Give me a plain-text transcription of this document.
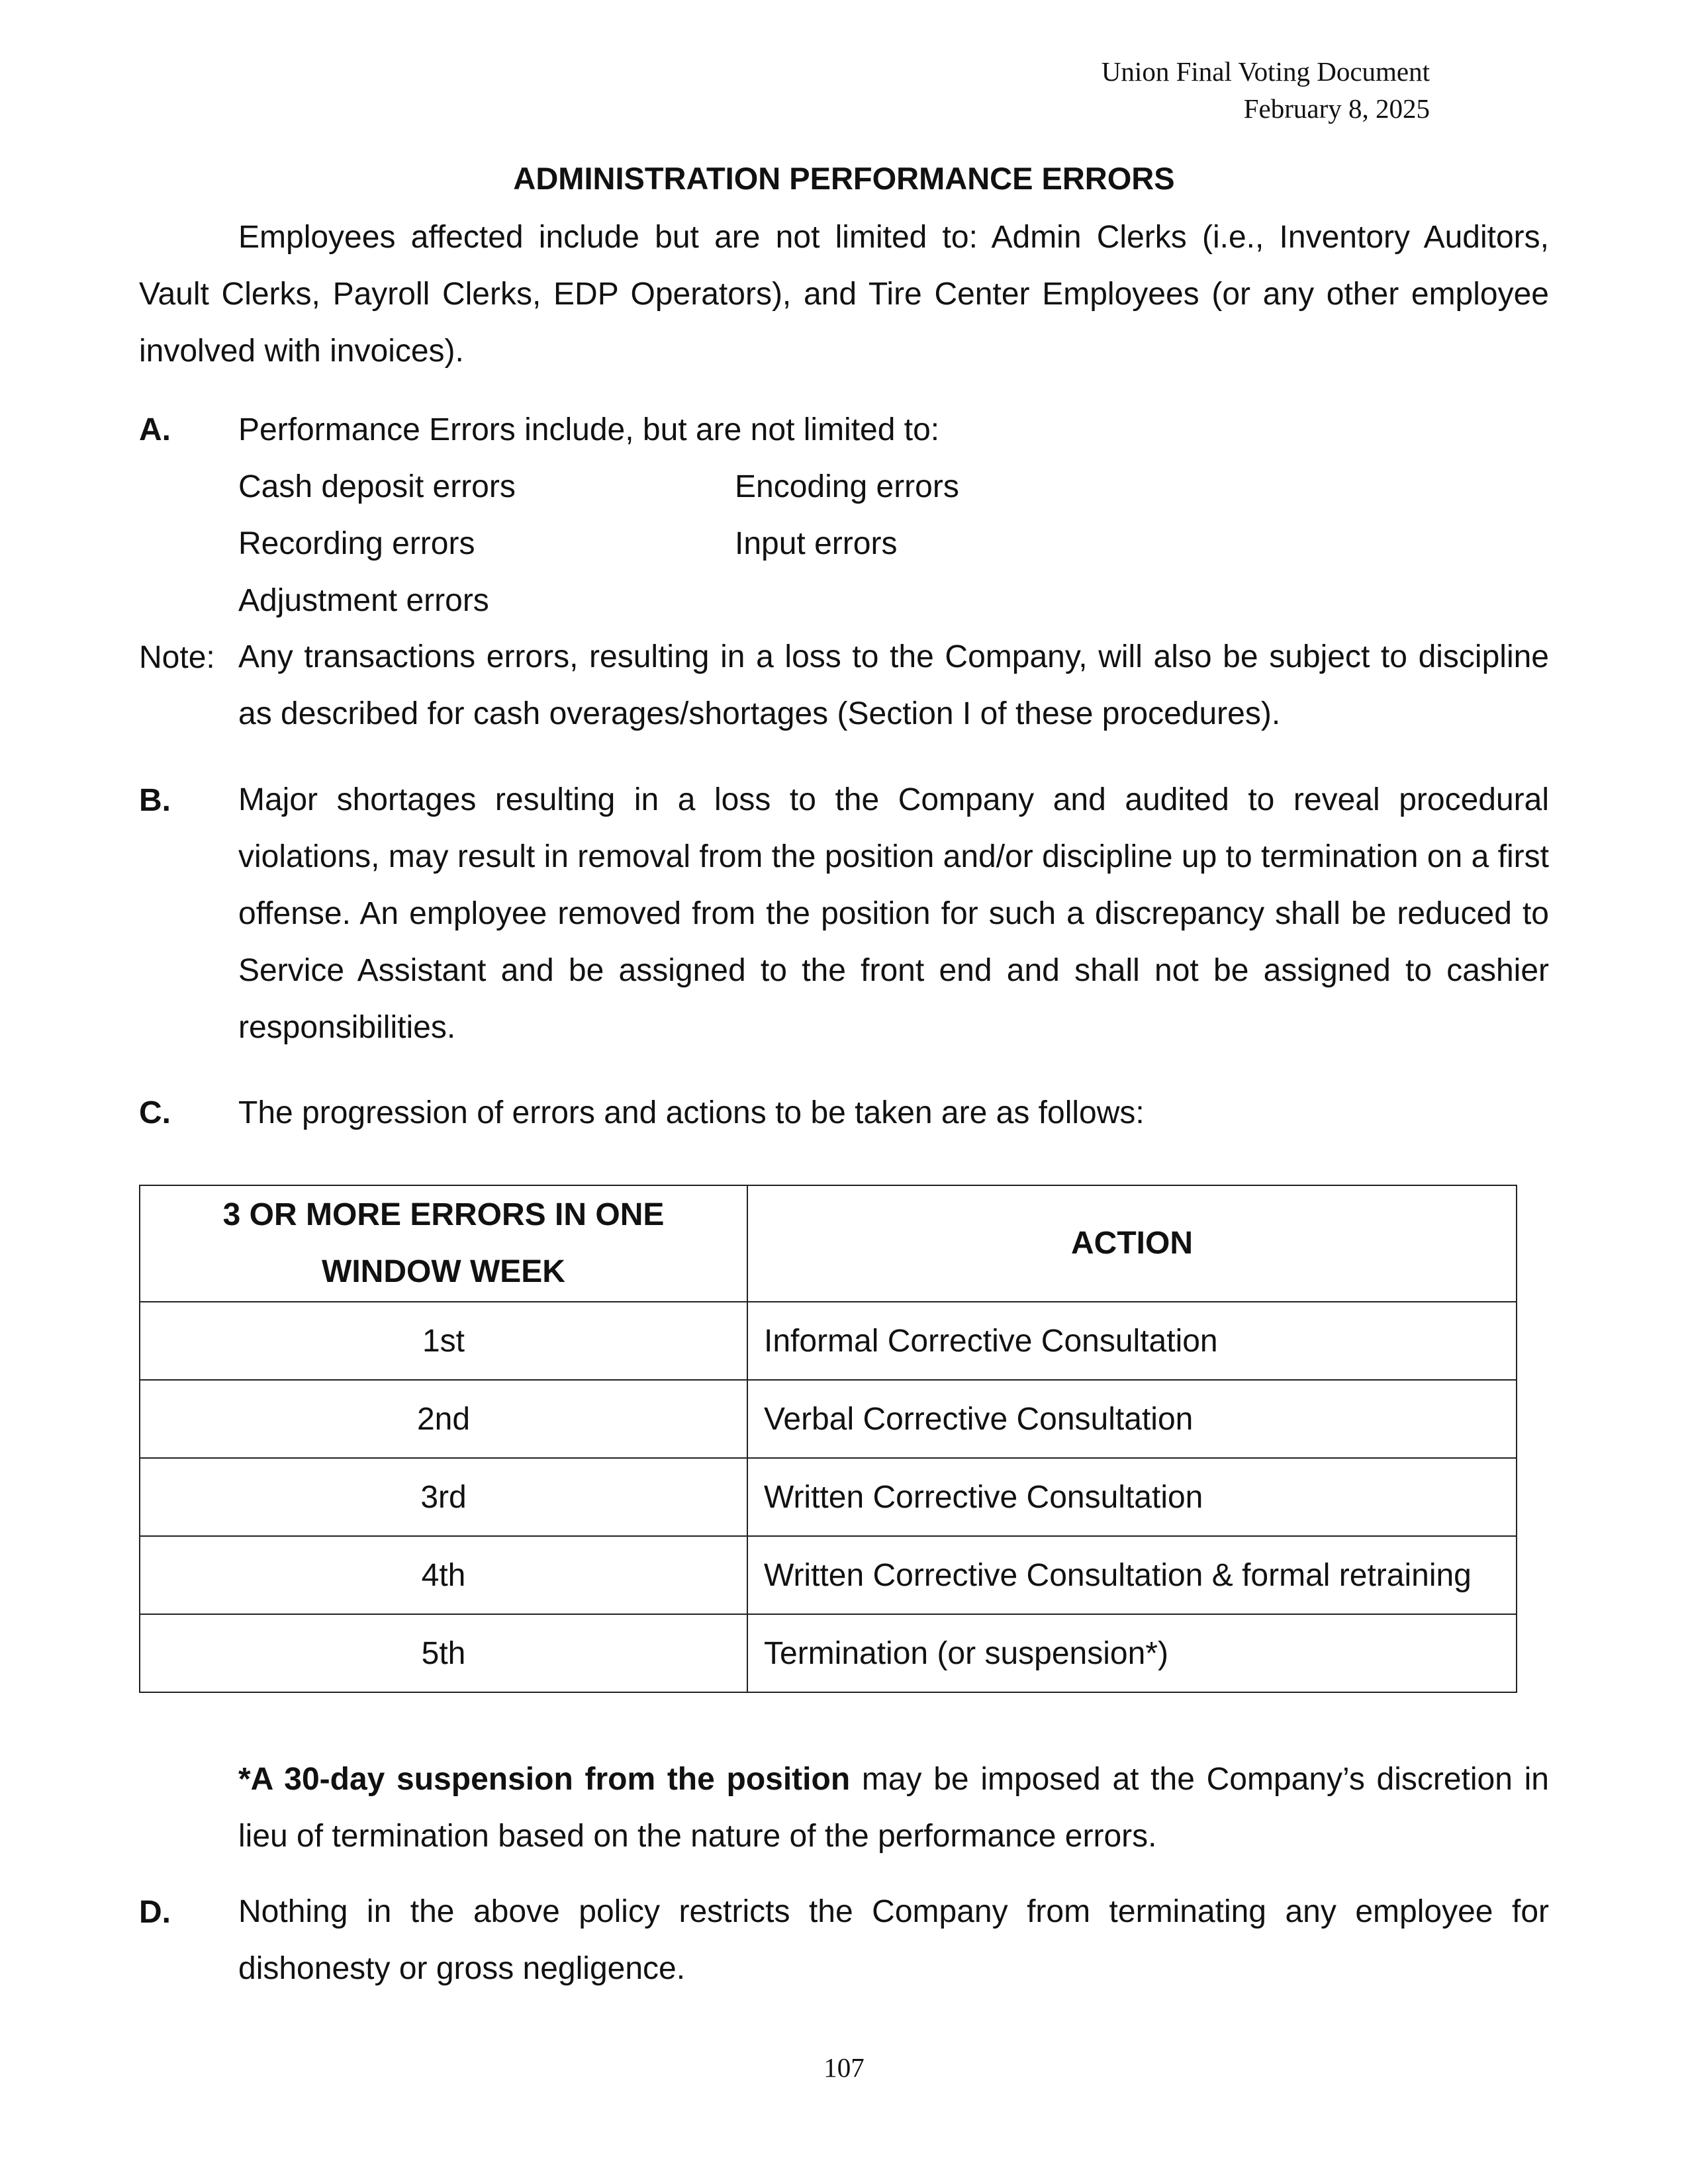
Union Final Voting Document
February 8, 2025
ADMINISTRATION PERFORMANCE ERRORS

Employees affected include but are not limited to: Admin Clerks (i.e., Inventory Auditors, Vault Clerks, Payroll Clerks, EDP Operators), and Tire Center Employees (or any other employee involved with invoices).

A. Performance Errors include, but are not limited to:
Cash deposit errors	Encoding errors
Recording errors	Input errors
Adjustment errors
Note: Any transactions errors, resulting in a loss to the Company, will also be subject to discipline as described for cash overages/shortages (Section I of these procedures).

B. Major shortages resulting in a loss to the Company and audited to reveal procedural violations, may result in removal from the position and/or discipline up to termination on a first offense. An employee removed from the position for such a discrepancy shall be reduced to Service Assistant and be assigned to the front end and shall not be assigned to cashier responsibilities.

C. The progression of errors and actions to be taken are as follows:
3 OR MORE ERRORS IN ONE
WINDOW WEEK	ACTION
1st	Informal Corrective Consultation
2nd	Verbal Corrective Consultation
3rd	Written Corrective Consultation
4th	Written Corrective Consultation & formal retraining
5th	Termination (or suspension*)

*A 30-day suspension from the position may be imposed at the Company’s discretion in lieu of termination based on the nature of the performance errors.

D. Nothing in the above policy restricts the Company from terminating any employee for dishonesty or gross negligence.

107
